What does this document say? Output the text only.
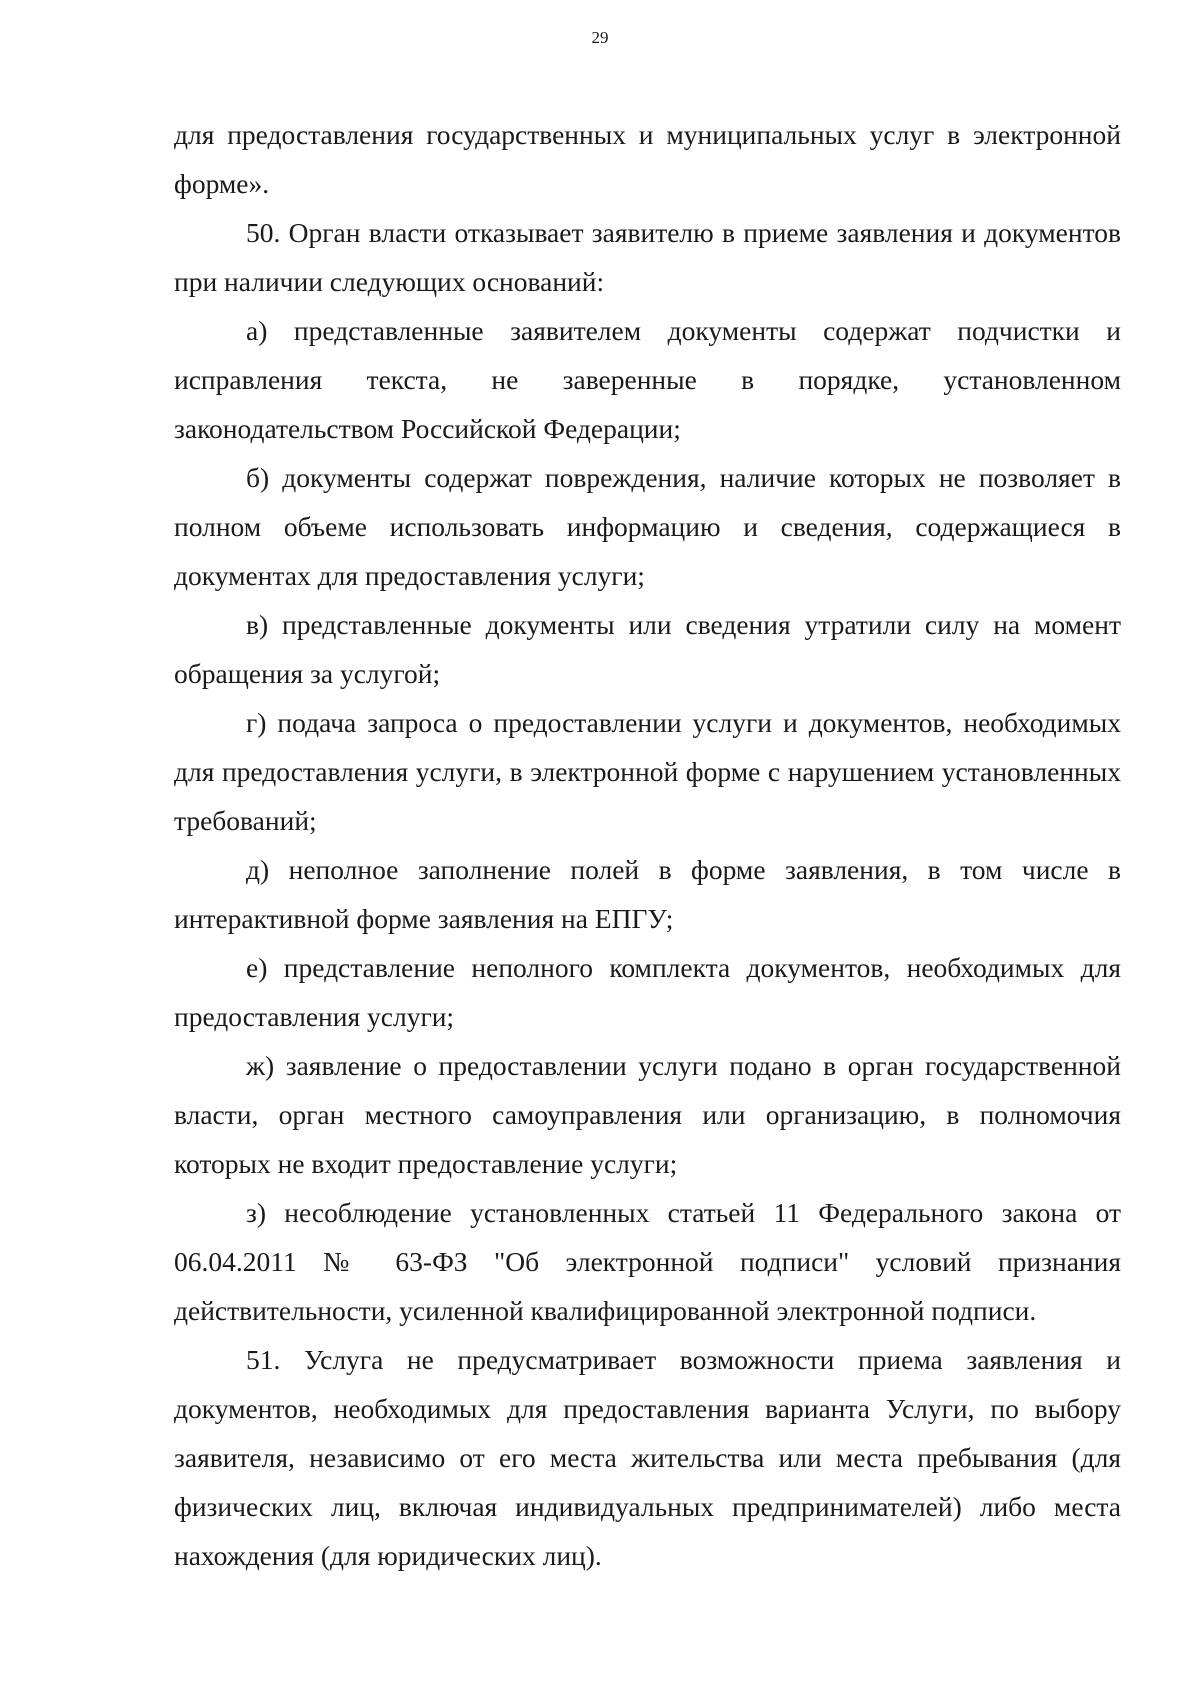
29

для предоставления государственных и муниципальных услуг в электронной форме».

50. Орган власти отказывает заявителю в приеме заявления и документов при наличии следующих оснований:

а) представленные заявителем документы содержат подчистки и исправления текста, не заверенные в порядке, установленном законодательством Российской Федерации;

б) документы содержат повреждения, наличие которых не позволяет в полном объеме использовать информацию и сведения, содержащиеся в документах для предоставления услуги;

в) представленные документы или сведения утратили силу на момент обращения за услугой;

г) подача запроса о предоставлении услуги и документов, необходимых для предоставления услуги, в электронной форме с нарушением установленных требований;

д) неполное заполнение полей в форме заявления, в том числе в интерактивной форме заявления на ЕПГУ;

е) представление неполного комплекта документов, необходимых для предоставления услуги;

ж) заявление о предоставлении услуги подано в орган государственной власти, орган местного самоуправления или организацию, в полномочия которых не входит предоставление услуги;

з) несоблюдение установленных статьей 11 Федерального закона от 06.04.2011 № 63-ФЗ "Об электронной подписи" условий признания действительности, усиленной квалифицированной электронной подписи.

51. Услуга не предусматривает возможности приема заявления и документов, необходимых для предоставления варианта Услуги, по выбору заявителя, независимо от его места жительства или места пребывания (для физических лиц, включая индивидуальных предпринимателей) либо места нахождения (для юридических лиц).
